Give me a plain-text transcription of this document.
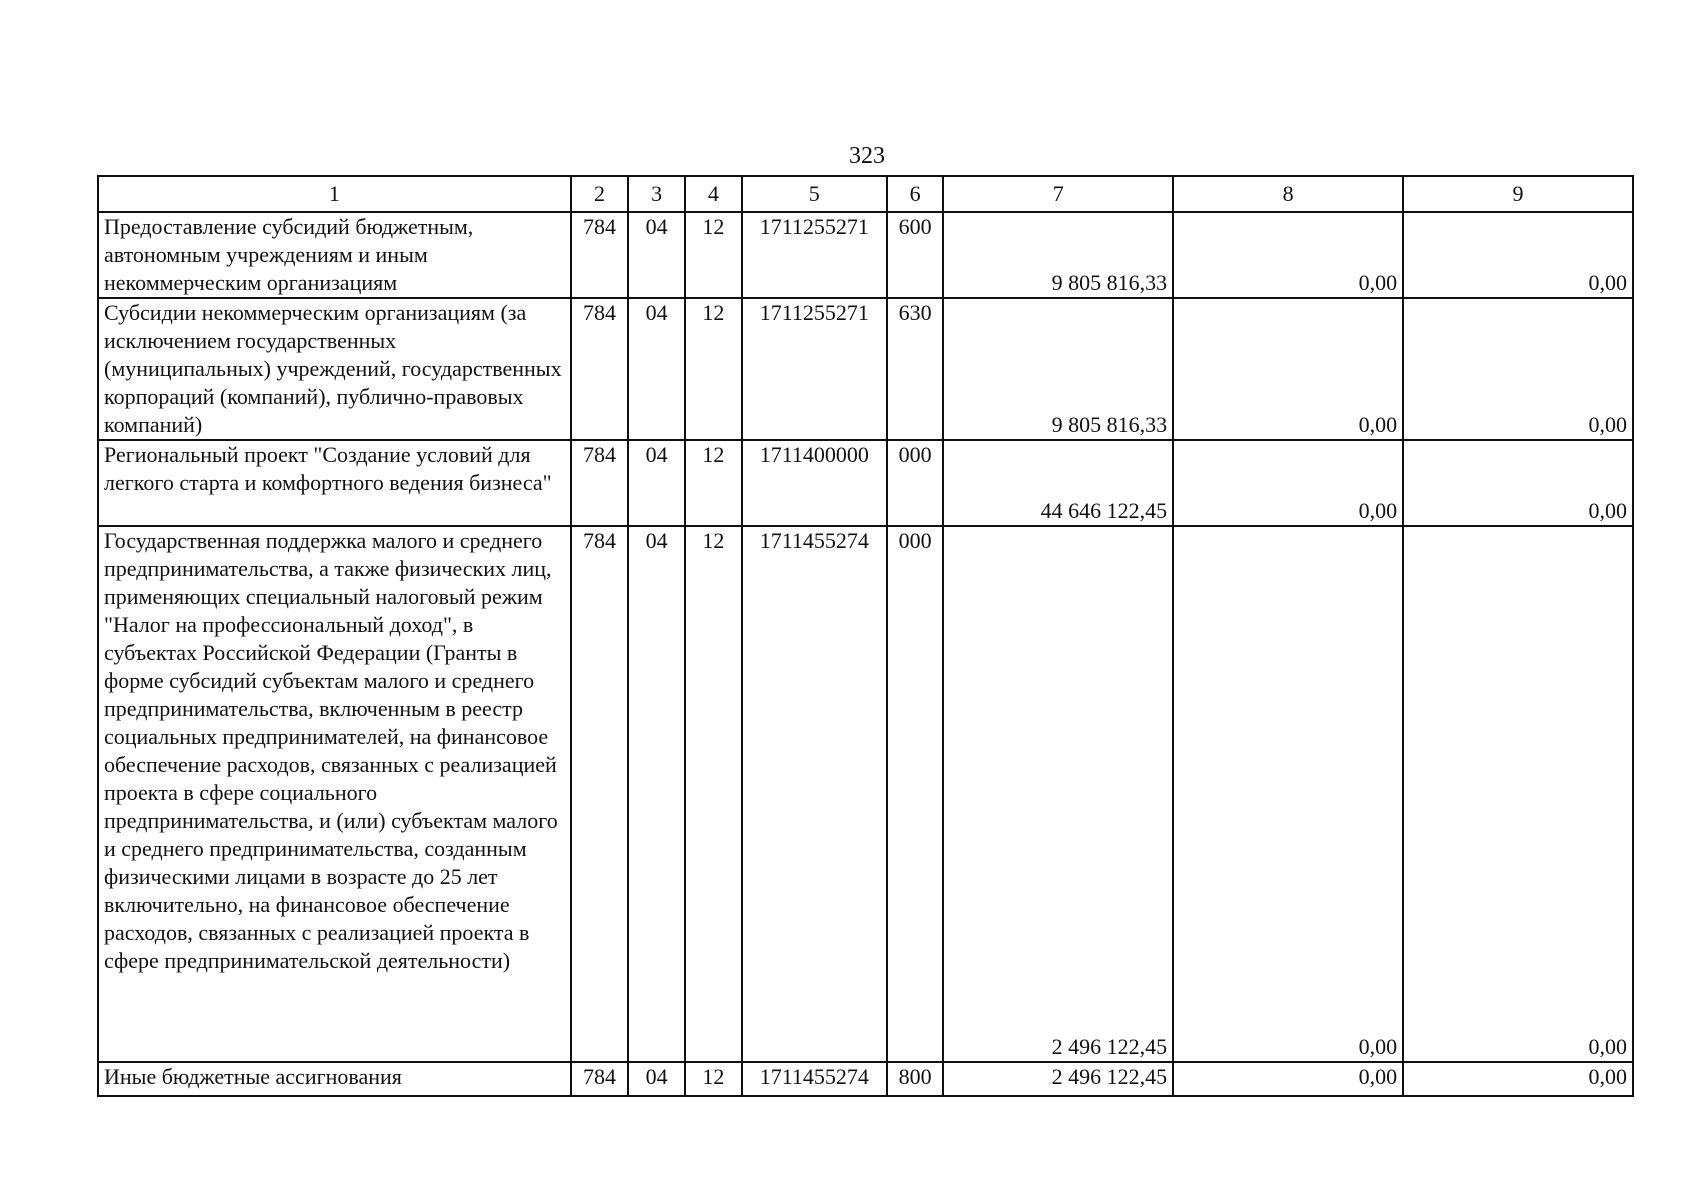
323
1	2	3	4	5	6	7	8	9
Предоставление субсидий бюджетным, автономным учреждениям и иным некоммерческим организациям	784	04	12	1711255271	600	9 805 816,33	0,00	0,00
Субсидии некоммерческим организациям (за исключением государственных (муниципальных) учреждений, государственных корпораций (компаний), публично-правовых компаний)	784	04	12	1711255271	630	9 805 816,33	0,00	0,00
Региональный проект "Создание условий для легкого старта и комфортного ведения бизнеса"	784	04	12	1711400000	000	44 646 122,45	0,00	0,00
Государственная поддержка малого и среднего предпринимательства, а также физических лиц, применяющих специальный налоговый режим "Налог на профессиональный доход", в субъектах Российской Федерации (Гранты в форме субсидий субъектам малого и среднего предпринимательства, включенным в реестр социальных предпринимателей, на финансовое обеспечение расходов, связанных с реализацией проекта в сфере социального предпринимательства, и (или) субъектам малого и среднего предпринимательства, созданным физическими лицами в возрасте до 25 лет включительно, на финансовое обеспечение расходов, связанных с реализацией проекта в сфере предпринимательской деятельности)	784	04	12	1711455274	000	2 496 122,45	0,00	0,00
Иные бюджетные ассигнования	784	04	12	1711455274	800	2 496 122,45	0,00	0,00
